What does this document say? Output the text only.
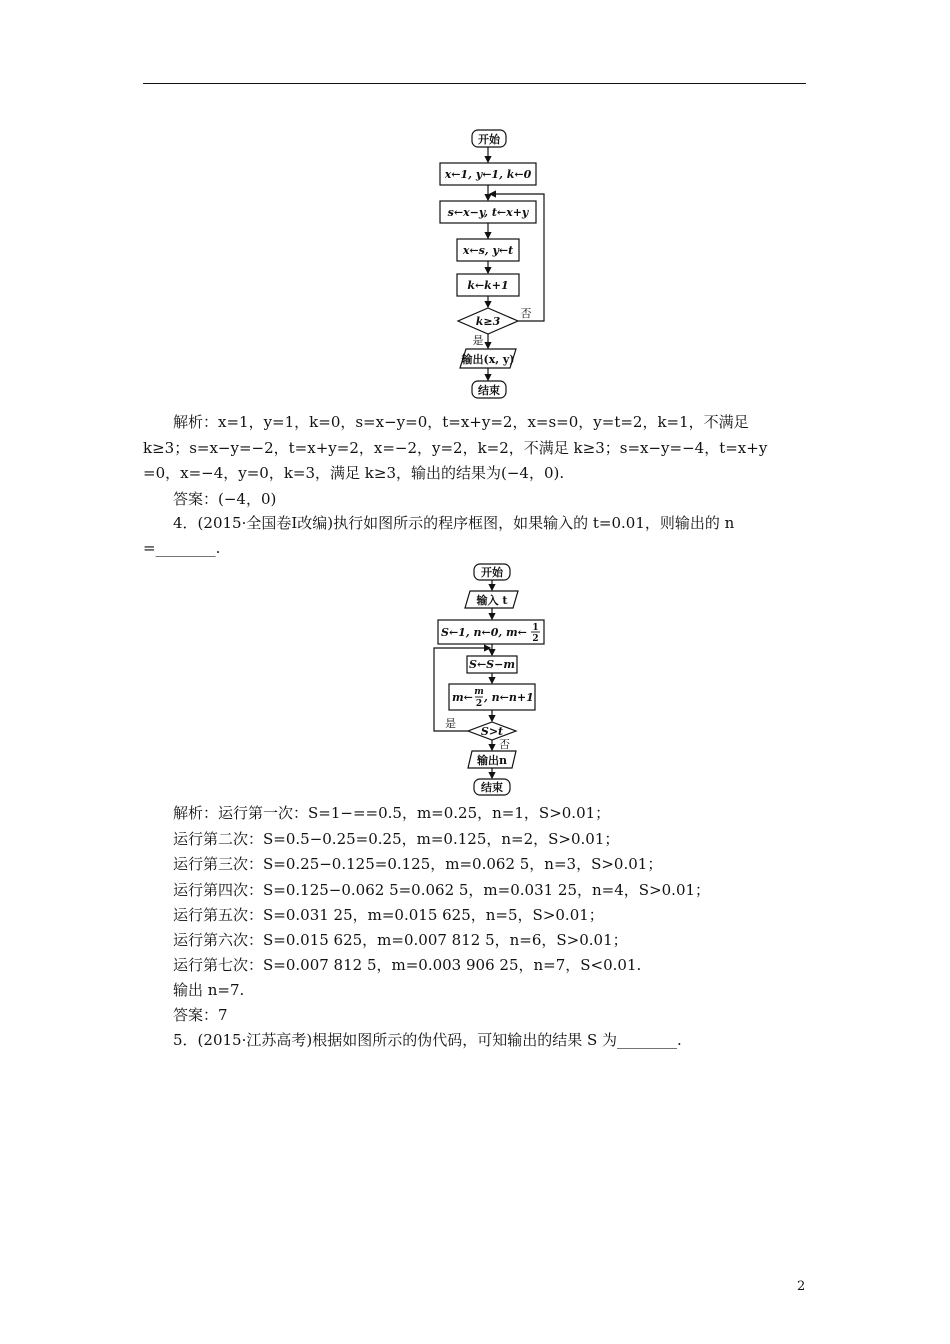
开始
x←1, y←1, k←0
s←x−y, t←x+y
x←s, y←t
k←k+1
k≥3
否
是
输出(x, y)
结束
解析：x=1，y=1，k=0，s=x−y=0，t=x+y=2，x=s=0，y=t=2，k=1，不满足
k≥3；s=x−y=−2，t=x+y=2，x=−2，y=2，k=2，不满足 k≥3；s=x−y=−4，t=x+y
=0，x=−4，y=0，k=3，满足 k≥3，输出的结果为(−4，0).
答案：(−4，0)
4．(2015·全国卷Ⅰ改编)执行如图所示的程序框图，如果输入的 t=0.01，则输出的 n
=________.
开始
输入 t
S←1, n←0, m← 1
2
S←S−m
m← m
2 , n←n+1
S>t
是
否
输出n
结束
解析：运行第一次：S=1−==0.5，m=0.25，n=1，S>0.01；
运行第二次：S=0.5−0.25=0.25，m=0.125，n=2，S>0.01；
运行第三次：S=0.25−0.125=0.125，m=0.062 5，n=3，S>0.01；
运行第四次：S=0.125−0.062 5=0.062 5，m=0.031 25，n=4，S>0.01；
运行第五次：S=0.031 25，m=0.015 625，n=5，S>0.01；
运行第六次：S=0.015 625，m=0.007 812 5，n=6，S>0.01；
运行第七次：S=0.007 812 5，m=0.003 906 25，n=7，S<0.01.
输出 n=7.
答案：7
5．(2015·江苏高考)根据如图所示的伪代码，可知输出的结果 S 为________.
2
